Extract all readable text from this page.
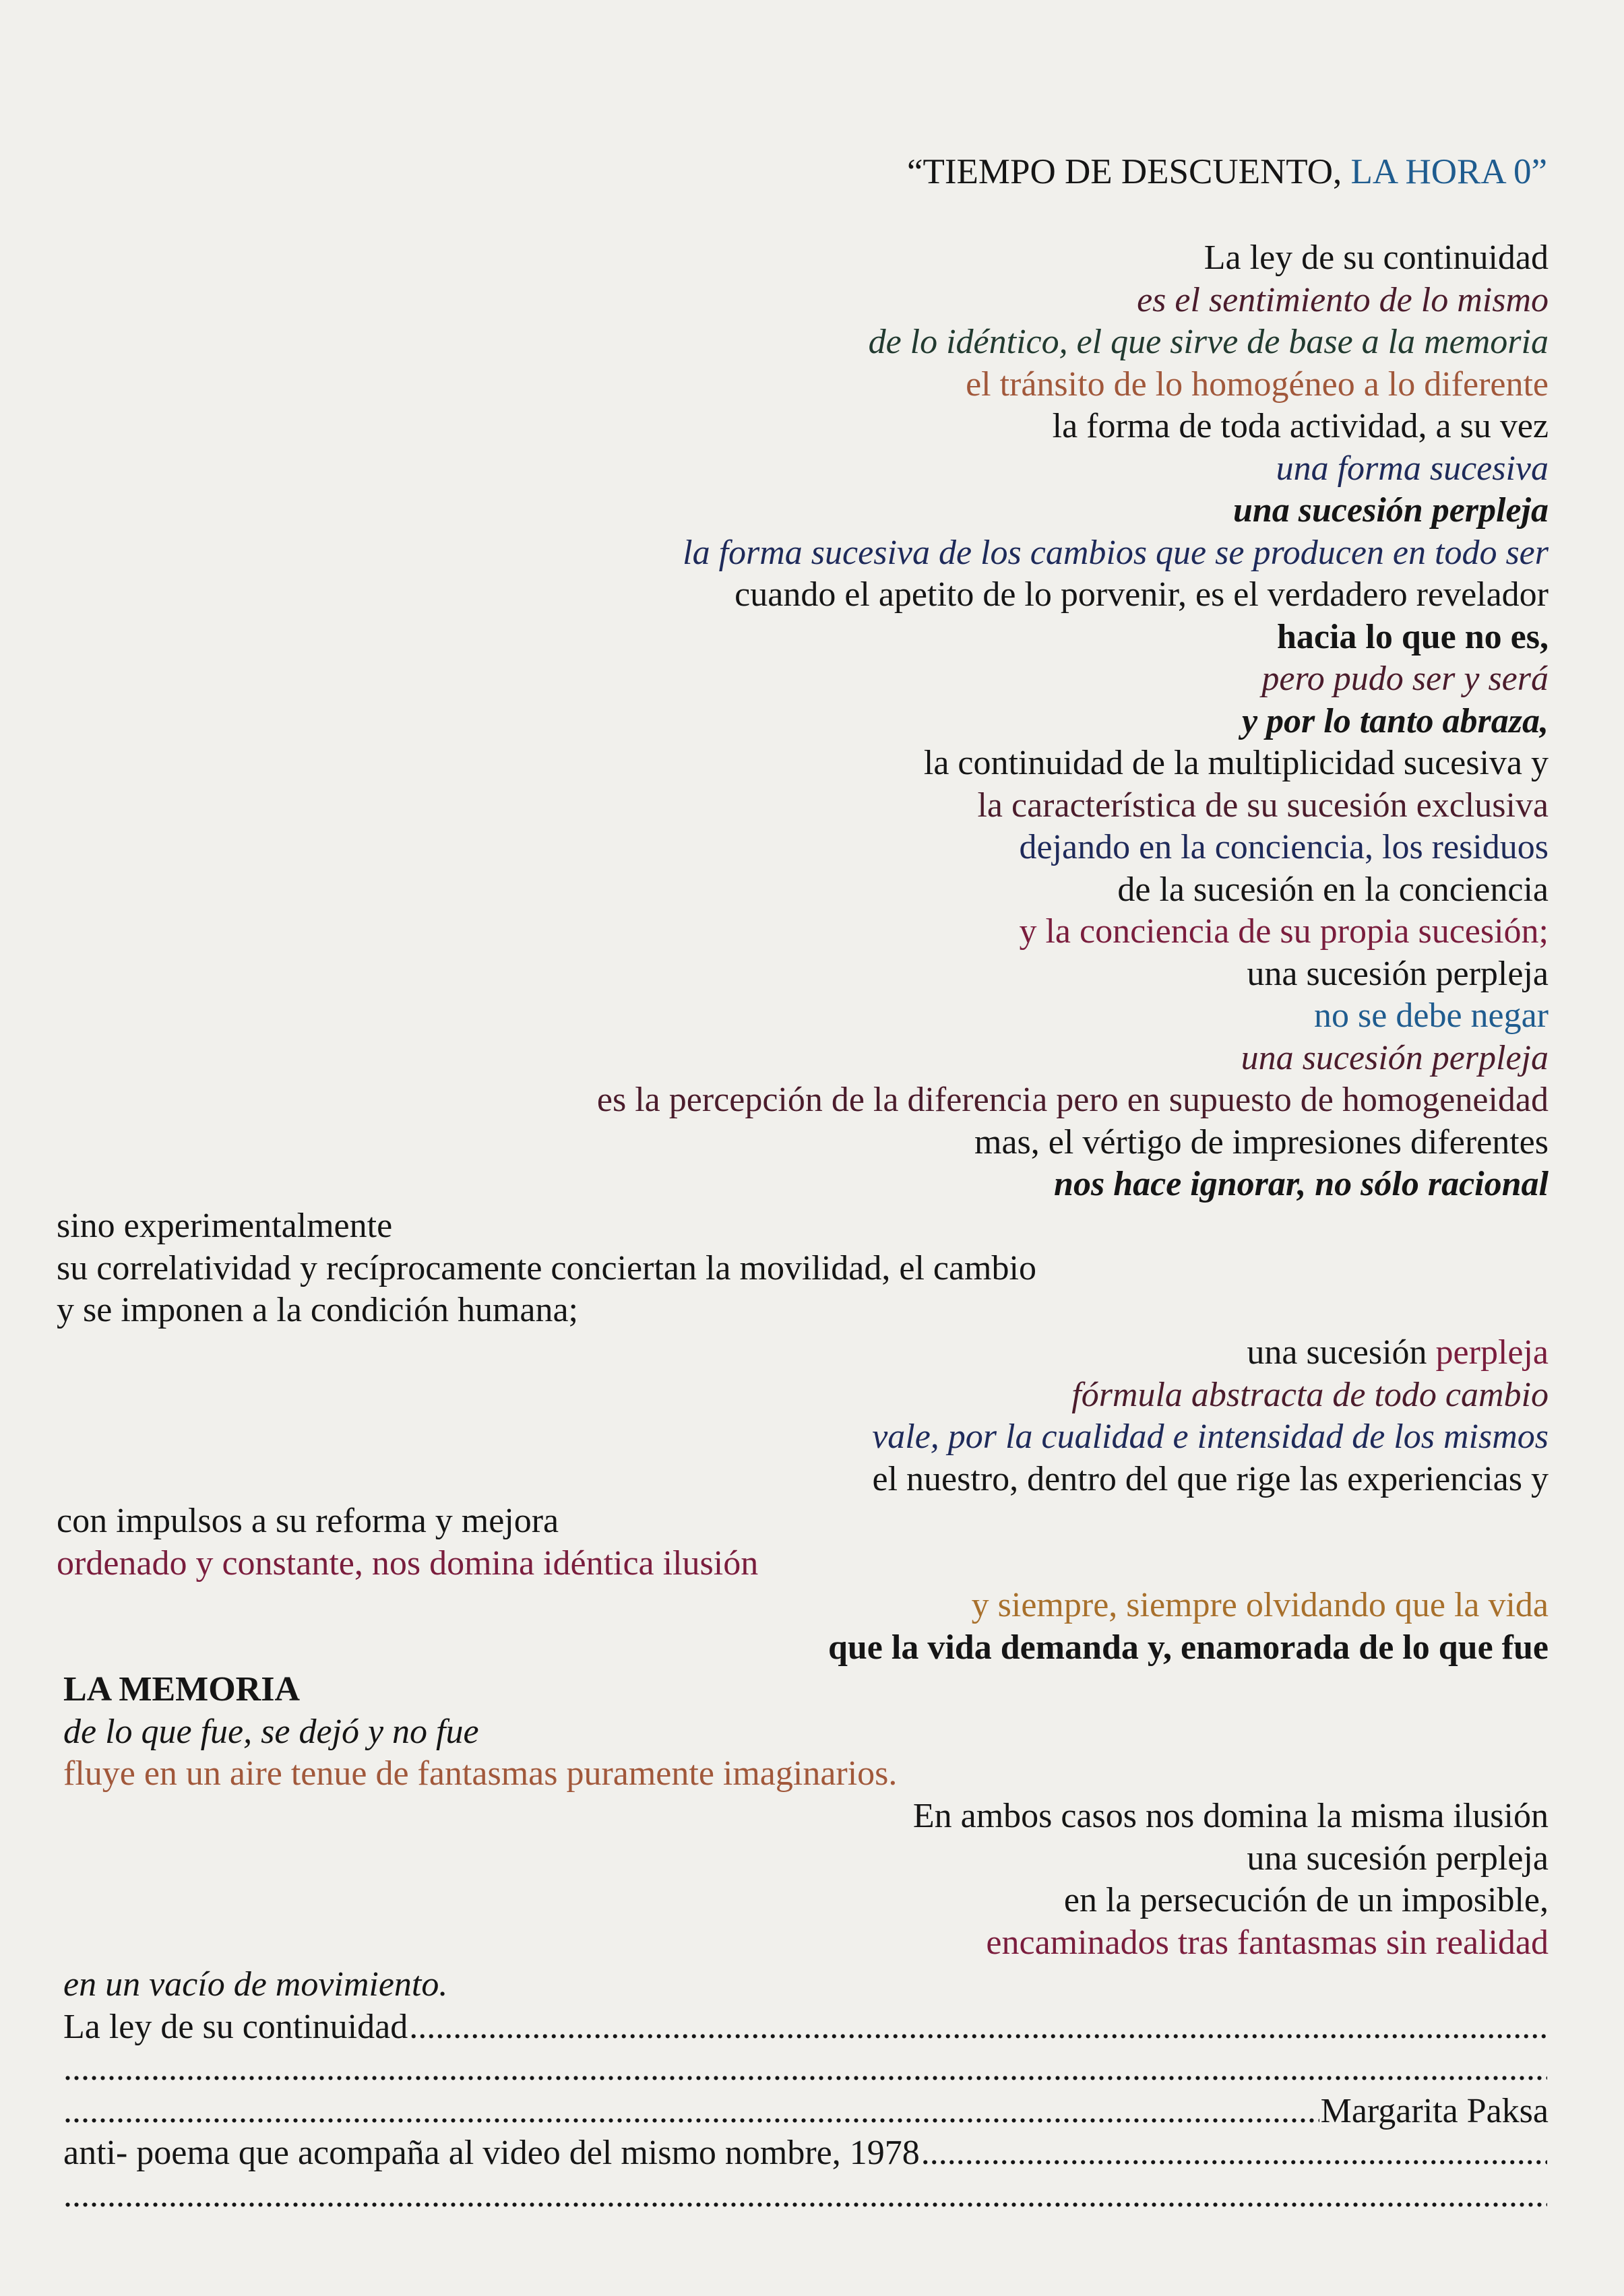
“TIEMPO DE DESCUENTO, LA HORA 0”
La ley de su continuidad
es el sentimiento de lo mismo
de lo idéntico, el que sirve de base a la memoria
el tránsito de lo homogéneo a lo diferente
la forma de toda actividad, a su vez
una forma sucesiva
una sucesión perpleja
la forma sucesiva de los cambios que se producen en todo ser
cuando el apetito de lo porvenir, es el verdadero revelador
hacia lo que no es,
pero pudo ser y será
y por lo tanto abraza,
la continuidad de la multiplicidad sucesiva y
la característica de su sucesión exclusiva
dejando en la conciencia, los residuos
de la sucesión en la conciencia
y la conciencia de su propia sucesión;
una sucesión perpleja
no se debe negar
una sucesión perpleja
es la percepción de la diferencia pero en supuesto de homogeneidad
mas, el vértigo de impresiones diferentes
nos hace ignorar, no sólo racional
sino experimentalmente
su correlatividad y recíprocamente conciertan la movilidad, el cambio
y se imponen a la condición humana;
una sucesión perpleja
fórmula abstracta de todo cambio
vale, por la cualidad e intensidad de los mismos
el nuestro, dentro del que rige las experiencias y
con impulsos a su reforma y mejora
ordenado y constante, nos domina idéntica ilusión
y siempre, siempre olvidando que la vida
que la vida demanda y, enamorada de lo que fue
LA MEMORIA
de lo que fue, se dejó y no fue
fluye en un aire tenue de fantasmas puramente imaginarios.
En ambos casos nos domina la misma ilusión
una sucesión perpleja
en la persecución de un imposible,
encaminados tras fantasmas sin realidad
en un vacío de movimiento.
La ley de su continuidad
.....
.....
.....
Margarita Paksa
anti- poema que acompaña al video del mismo nombre, 1978
.....
.....
